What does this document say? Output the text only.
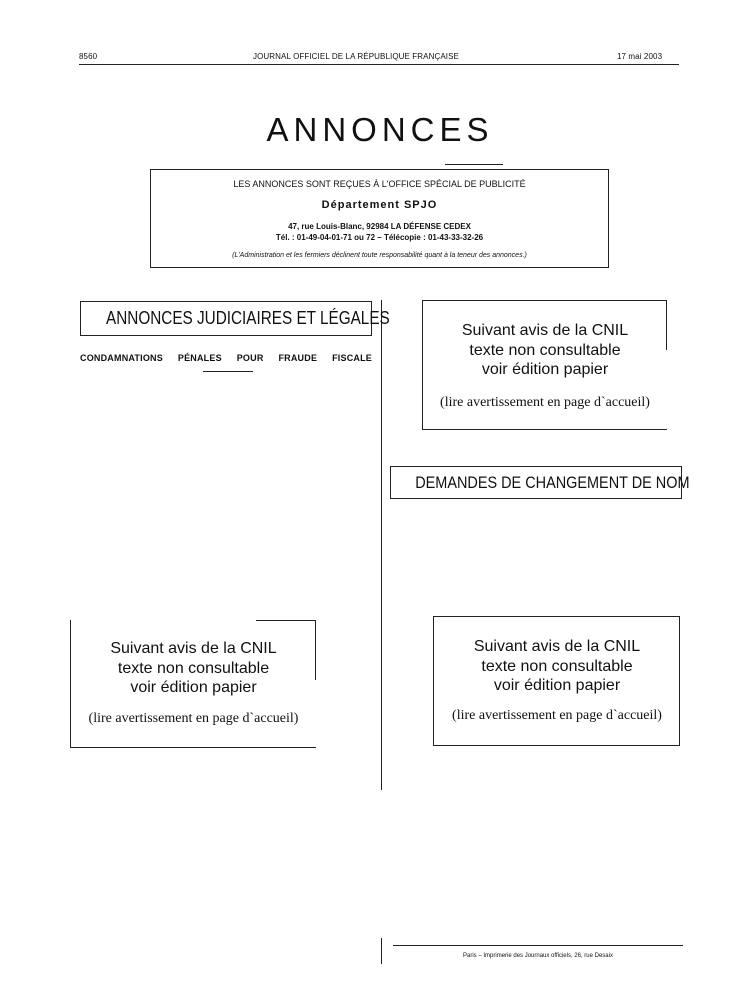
8560	JOURNAL OFFICIEL DE LA RÉPUBLIQUE FRANÇAISE	17 mai 2003
ANNONCES
LES ANNONCES SONT REÇUES À L'OFFICE SPÉCIAL DE PUBLICITÉ
Département SPJO
47, rue Louis-Blanc, 92984 LA DÉFENSE CEDEX
Tél. : 01-49-04-01-71 ou 72 – Télécopie : 01-43-33-32-26
(L'Administration et les fermiers déclinent toute responsabilité quant à la teneur des annonces.)
ANNONCES JUDICIAIRES ET LÉGALES
CONDAMNATIONS PÉNALES POUR FRAUDE FISCALE
Suivant avis de la CNIL
texte non consultable
voir édition papier
(lire avertissement en page d`accueil)
Suivant avis de la CNIL
texte non consultable
voir édition papier
(lire avertissement en page d`accueil)
DEMANDES DE CHANGEMENT DE NOM
Suivant avis de la CNIL
texte non consultable
voir édition papier
(lire avertissement en page d`accueil)
Paris – Imprimerie des Journaux officiels, 26, rue Desaix
